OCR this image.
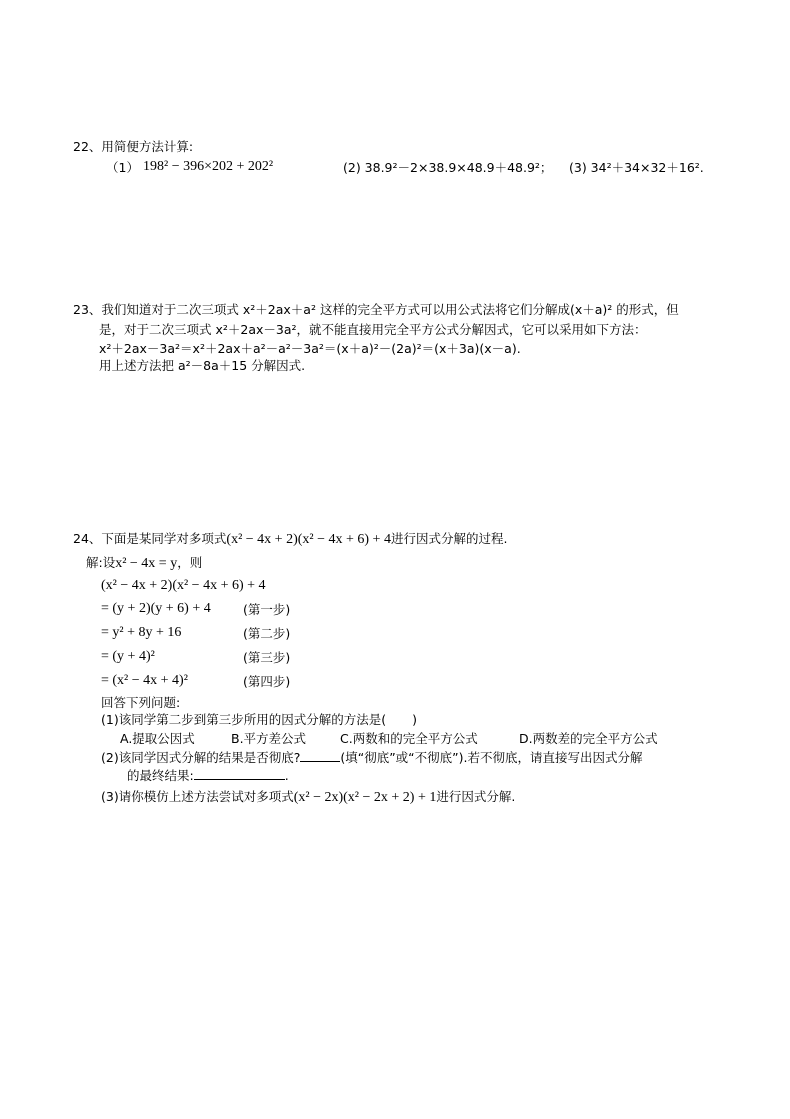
22、用简便方法计算:
（1） 198² − 396×202 + 202²	(2) 38.9²－2×38.9×48.9＋48.9²； (3) 34²＋34×32＋16².
23、我们知道对于二次三项式 x²＋2ax＋a² 这样的完全平方式可以用公式法将它们分解成(x＋a)² 的形式，但
是，对于二次三项式 x²＋2ax－3a²，就不能直接用完全平方公式分解因式，它可以采用如下方法：
x²＋2ax－3a²＝x²＋2ax＋a²－a²－3a²＝(x＋a)²－(2a)²＝(x＋3a)(x－a).
用上述方法把 a²－8a＋15 分解因式.
24、下面是某同学对多项式(x² − 4x + 2)(x² − 4x + 6) + 4进行因式分解的过程.
解:设x² − 4x = y，则
(x² − 4x + 2)(x² − 4x + 6) + 4
= (y + 2)(y + 6) + 4	(第一步)
= y² + 8y + 16	(第二步)
= (y + 4)²	(第三步)
= (x² − 4x + 4)²	(第四步)
回答下列问题:
(1)该同学第二步到第三步所用的因式分解的方法是( )
A.提取公因式	B.平方差公式	C.两数和的完全平方公式	D.两数差的完全平方公式
(2)该同学因式分解的结果是否彻底?	(填“彻底”或“不彻底”).若不彻底，请直接写出因式分解
的最终结果:	.
(3)请你模仿上述方法尝试对多项式(x² − 2x)(x² − 2x + 2) + 1进行因式分解.
